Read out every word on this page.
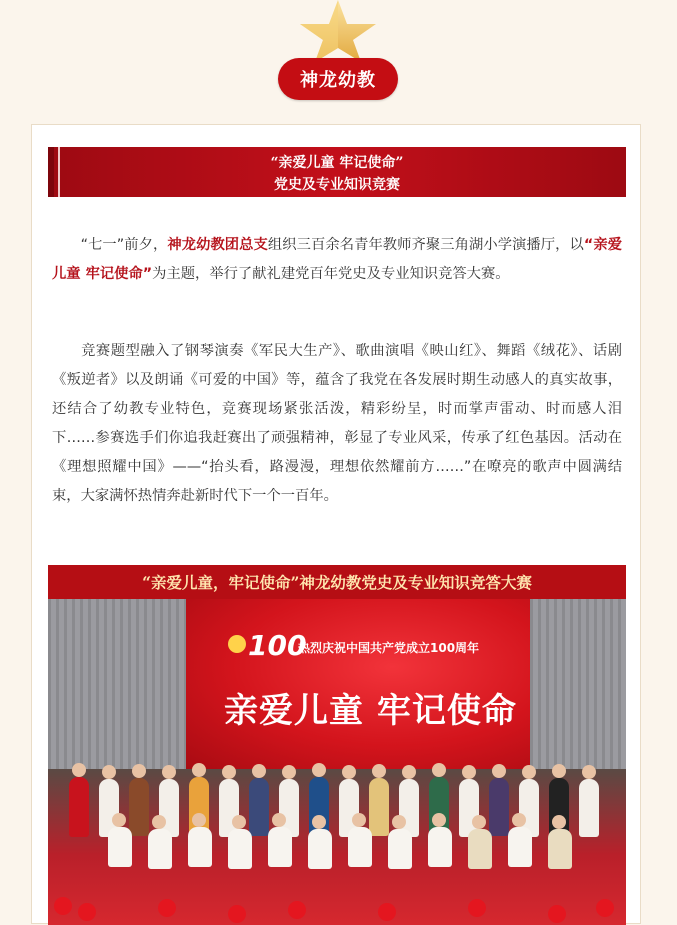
神龙幼教
“亲爱儿童 牢记使命”
党史及专业知识竞赛
  “七一”前夕，神龙幼教团总支组织三百余名青年教师齐聚三角湖小学演播厅，以“亲爱儿童 牢记使命”为主题，举行了献礼建党百年党史及专业知识竞答大赛。
  竞赛题型融入了钢琴演奏《军民大生产》、歌曲演唱《映山红》、舞蹈《绒花》、话剧《叛逆者》以及朗诵《可爱的中国》等，蕴含了我党在各发展时期生动感人的真实故事，还结合了幼教专业特色，竞赛现场紧张活泼，精彩纷呈，时而掌声雷动、时而感人泪下……参赛选手们你追我赶赛出了顽强精神，彰显了专业风采，传承了红色基因。活动在《理想照耀中国》——“抬头看，路漫漫，理想依然耀前方……”在嘹亮的歌声中圆满结束，大家满怀热情奔赴新时代下一个一百年。
“亲爱儿童，牢记使命”神龙幼教党史及专业知识竞答大赛
100
热烈庆祝中国共产党成立100周年
亲爱儿童 牢记使命
